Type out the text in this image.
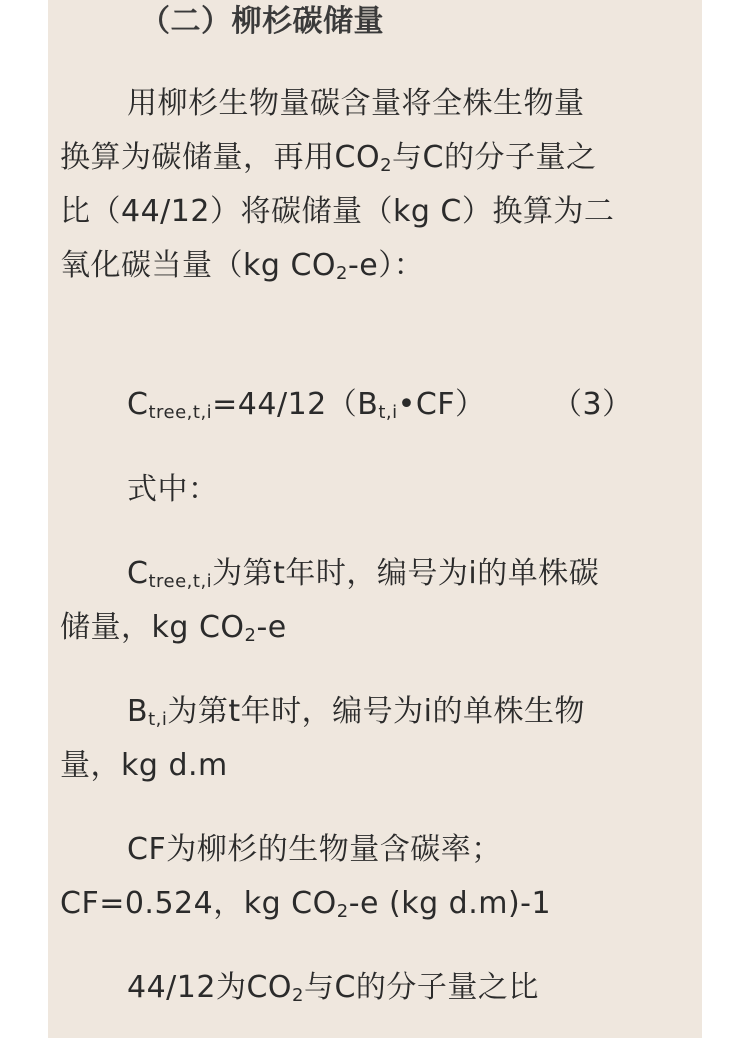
（二）柳杉碳储量
用柳杉生物量碳含量将全株生物量
换算为碳储量，再用$CO_2$与C的分子量之
比（44/12）将碳储量（kg C）换算为二
氧化碳当量（kg $CO_2-e$）：
$C_{tree,t,i}=44/12(B_{t,i}•CF)$ （3）
式中：
$C_{tree,t,i}$为第t年时，编号为i的单株碳
储量，kg $CO_2-e$
$B_{t,i}$为第t年时，编号为i的单株生物
量，kg d.m
CF为柳杉的生物量含碳率；
CF=0.524，kg $CO_2-e$ (kg d.m)-1
44/12为$CO_2$与C的分子量之比
